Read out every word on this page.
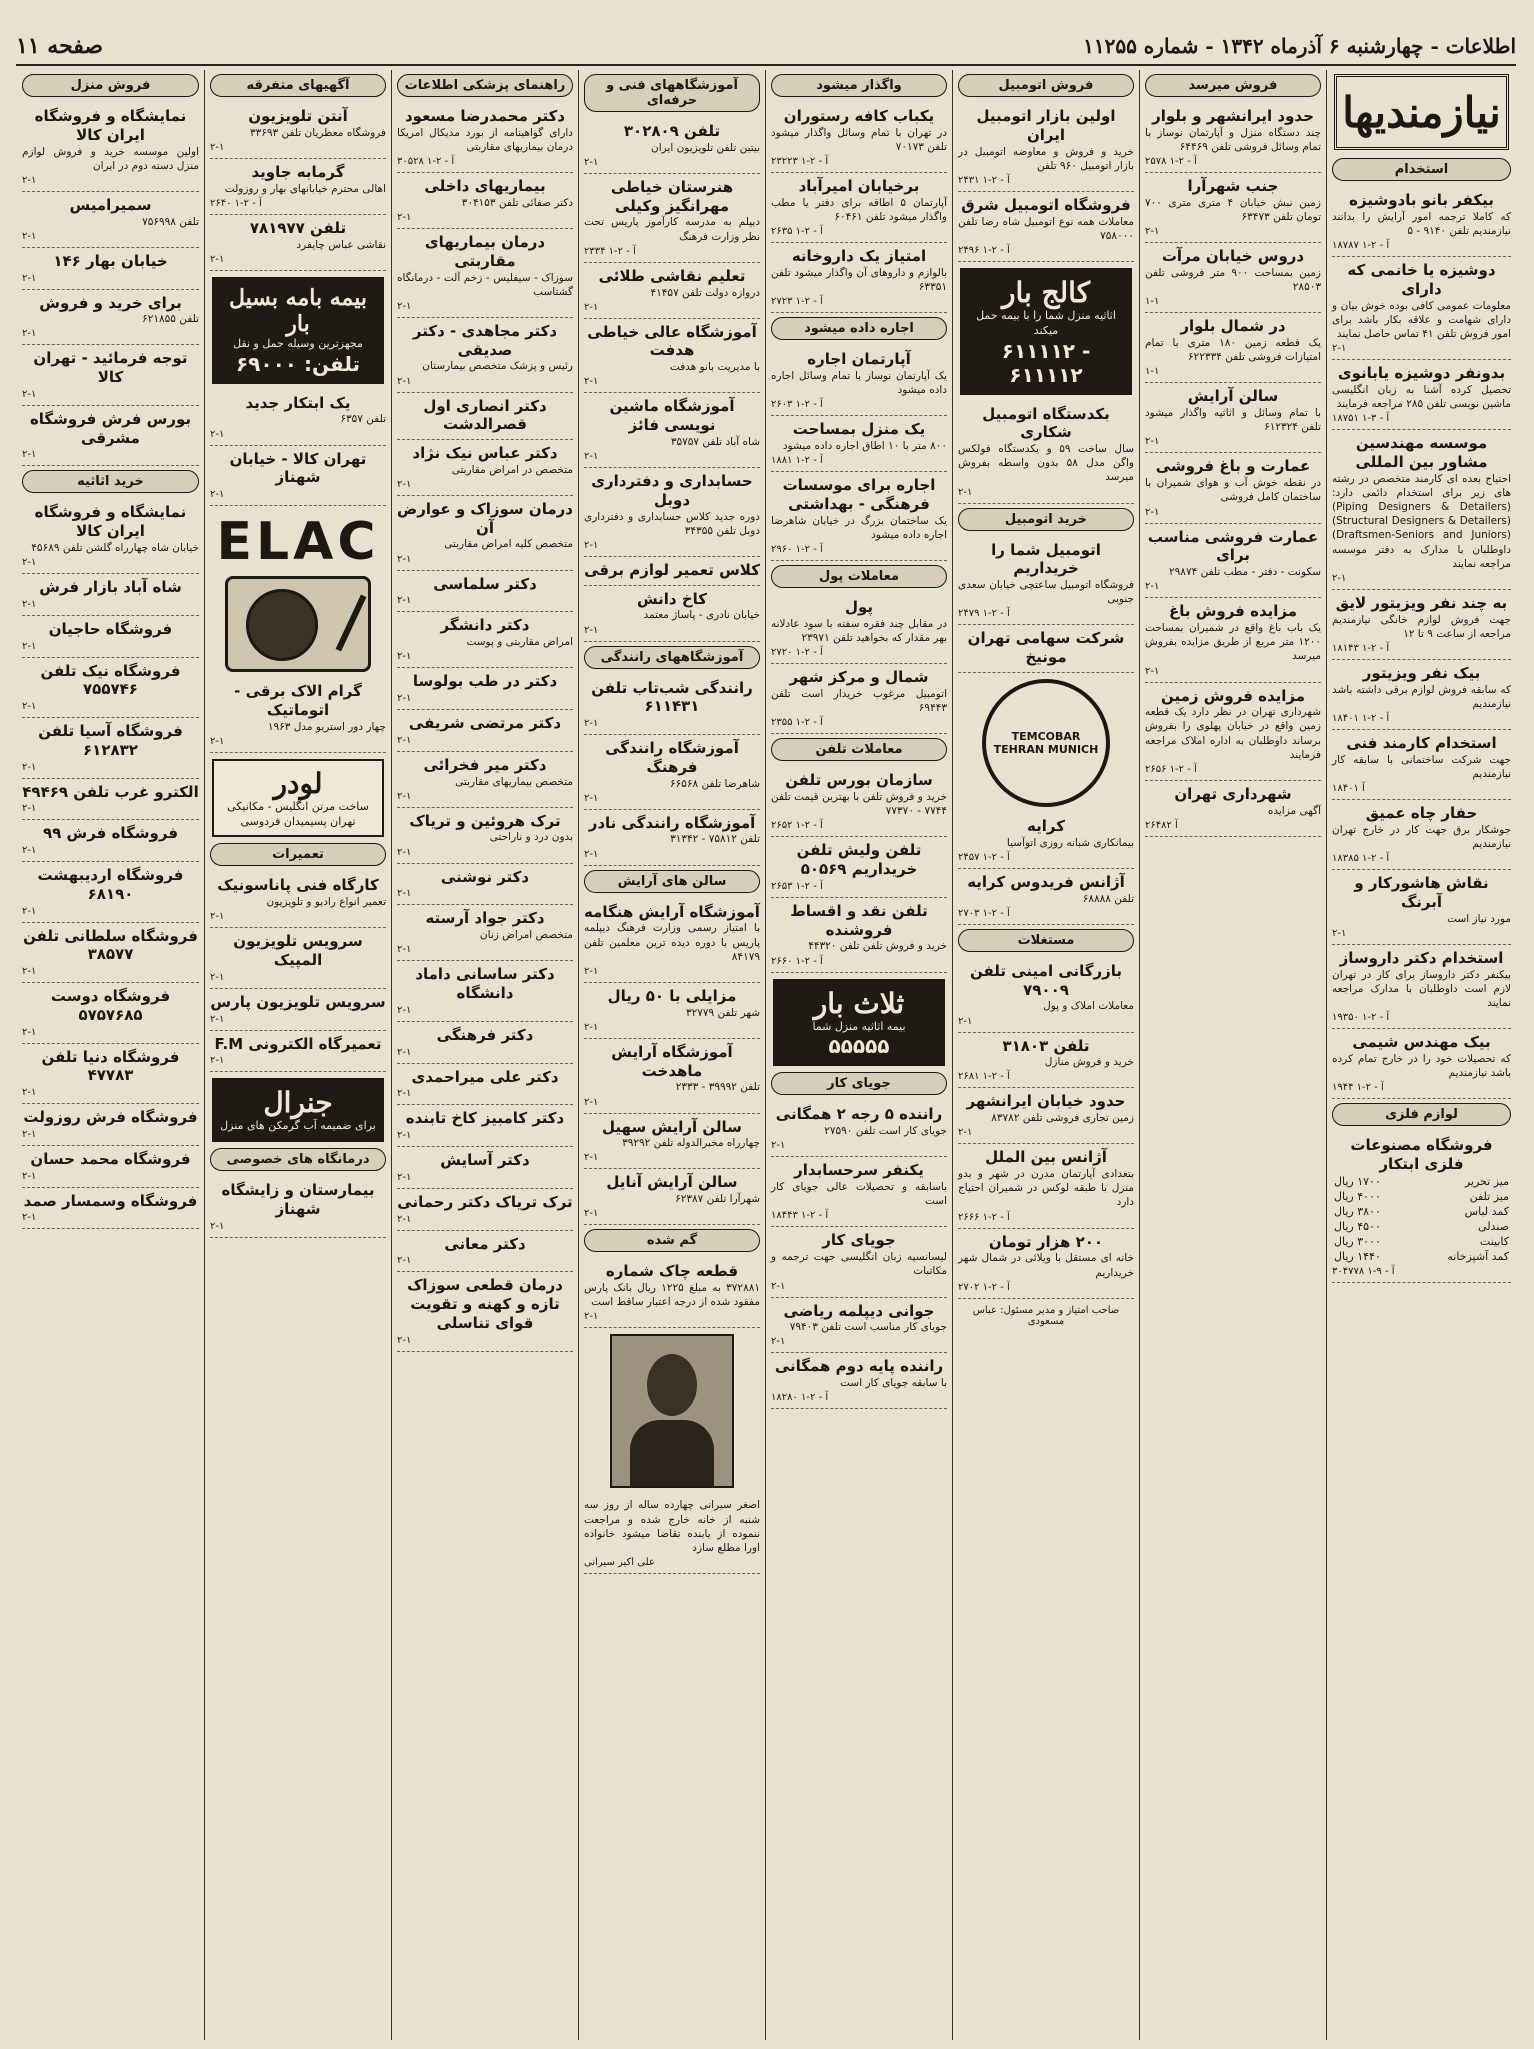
اطلاعات - چهارشنبه ۶ آذرماه ۱۳۴۲ - شماره ۱۱۲۵۵
صفحه ۱۱
نیازمندیها
استخدام
بیکفر بانو بادوشیزه
که کاملا ترجمه امور آرایش را بدانند نیازمندیم تلفن ۹۱۴۰ - ۵
۱۸۷۸۷ آ - ۲-۱
دوشیزه یا خانمی که دارای
معلومات عمومی کافی بوده خوش بیان و دارای شهامت و علاقه بکار باشد برای امور فروش تلفن ۴۱ تماس حاصل نمایند
۲-۱
بدونفر دوشیزه یابانوی
تحصیل کرده آشنا به زبان انگلیسی ماشین نویسی تلفن ۲۸۵ مراجعه فرمایند
۱۸۷۵۱ آ - ۳-۱
موسسه مهندسین مشاور بین المللی
احتیاج بعده ای کارمند متخصص در رشته های زیر برای استخدام دائمی دارد: (Piping Designers & Detailers) (Structural Designers & Detailers) (Draftsmen-Seniors and Juniors) داوطلبان با مدارک به دفتر موسسه مراجعه نمایند
۲-۱
به چند نفر ویزیتور لایق
جهت فروش لوازم خانگی نیازمندیم مراجعه از ساعت ۹ تا ۱۲
۱۸۱۴۳ آ - ۲-۱
بیک نفر ویزیتور
که سابقه فروش لوازم برقی داشته باشد نیازمندیم
۱۸۴۰۱ آ - ۲-۱
استخدام کارمند فنی
جهت شرکت ساختمانی با سابقه کار نیازمندیم
۱۸۴۰۱ آ
حفار چاه عمیق
جوشکار برق جهت کار در خارج تهران نیازمندیم
۱۸۳۸۵ آ - ۲-۱
نقاش هاشورکار و آبرنگ
مورد نیاز است
۲-۱
استخدام دکتر داروساز
بیکنفر دکتر داروساز برای کار در تهران لازم است داوطلبان با مدارک مراجعه نمایند
۱۹۳۵۰ آ - ۲-۱
بیک مهندس شیمی
که تحصیلات خود را در خارج تمام کرده باشد نیازمندیم
۱۹۴۴ آ - ۲-۱
لوازم فلزی
فروشگاه مصنوعات فلزی ابتکار
میز تحریر
۱۷۰۰ ریال
میز تلفن
۴۰۰۰ ریال
کمد لباس
۳۸۰۰ ریال
صندلی
۴۵۰۰ ریال
کابینت
۳۰۰۰ ریال
کمد آشپزخانه
۱۴۴۰ ریال
۳۰۴۷۷۸ آ - ۹-۱
فروش میرسد
حدود ایرانشهر و بلوار
چند دستگاه منزل و آپارتمان نوساز با تمام وسائل فروشی تلفن ۶۴۴۶۹
۲۵۷۸ آ - ۲-۱
جنب شهرآرا
زمین نبش خیابان ۴ متری متری ۷۰۰ تومان تلفن ۶۳۴۷۳
۲-۱
دروس خیابان مرآت
زمین بمساحت ۹۰۰ متر فروشی تلفن ۲۸۵۰۳
۱-۱
در شمال بلوار
یک قطعه زمین ۱۸۰ متری با تمام امتیازات فروشی تلفن ۶۲۲۳۳۴
۱-۱
سالن آرایش
با تمام وسائل و اثاثیه واگذار میشود تلفن ۶۱۲۳۲۴
۲-۱
عمارت و باغ فروشی
در نقطه خوش آب و هوای شمیران با ساختمان کامل فروشی
۲-۱
عمارت فروشی مناسب برای
سکونت - دفتر - مطب تلفن ۲۹۸۷۴
۲-۱
مزایده فروش باغ
یک باب باغ واقع در شمیران بمساحت ۱۲۰۰ متر مربع از طریق مزایده بفروش میرسد
۲-۱
مزایده فروش زمین
شهرداری تهران در نظر دارد یک قطعه زمین واقع در خیابان پهلوی را بفروش برساند داوطلبان به اداره املاک مراجعه فرمایند
۲۶۵۶ آ - ۲-۱
شهرداری تهران
آگهی مزایده
۲۶۴۸۲ آ
فروش اتومبیل
اولین بازار اتومبیل ایران
خرید و فروش و معاوضه اتومبیل در بازار اتومبیل ۹۶۰ تلفن
۲۴۳۱ آ - ۲-۱
فروشگاه اتومبیل شرق
معاملات همه نوع اتومبیل شاه رضا تلفن ۷۵۸۰۰۰
۲۴۹۶ آ - ۲-۱
کالج بار
اثاثیه منزل شما را با بیمه حمل میکند
۶۱۱۱۱۲ - ۶۱۱۱۱۲
بکدستگاه اتومبیل شکاری
سال ساخت ۵۹ و یکدستگاه فولکس واگن مدل ۵۸ بدون واسطه بفروش میرسد
۲-۱
خرید اتومبیل
اتومبیل شما را خریداریم
فروشگاه اتومبیل ساعتچی خیابان سعدی جنوبی
۲۴۷۹ آ - ۲-۱
شرکت سهامی تهران مونیخ
TEMCOBAR TEHRAN MUNICH
کرایه
بیمانکاری شبانه روزی اتوآسیا
۲۴۵۷ آ - ۲-۱
آژانس فریدوس کرایه
تلفن ۶۸۸۸۸
۲۷۰۳ آ - ۲-۱
مستغلات
بازرگانی امینی تلفن ۷۹۰۰۹
معاملات املاک و پول
۲-۱
تلفن ۳۱۸۰۳
خرید و فروش منازل
۲۶۸۱ آ - ۲-۱
حدود خیابان ایرانشهر
زمین تجاری فروشی تلفن ۸۳۷۸۲
۲-۱
آژانس بین الملل
بتعدادی آپارتمان مدرن در شهر و بدو منزل با طبقه لوکس در شمیران احتیاج دارد
۲۶۶۶ آ - ۲-۱
۲۰۰ هزار تومان
خانه ای مستقل با ویلائی در شمال شهر خریداریم
۲۷۰۲ آ - ۲-۱
صاحب امتیاز و مدیر مسئول: عباس مسعودی
واگذار میشود
یکباب کافه رستوران
در تهران با تمام وسائل واگذار میشود تلفن ۷۰۱۷۳
۲۳۲۲۳ آ - ۲-۱
برخیابان امیرآباد
آپارتمان ۵ اطاقه برای دفتر یا مطب واگذار میشود تلفن ۶۰۴۶۱
۲۶۳۵ آ - ۲-۱
امتیاز یک داروخانه
بالوازم و داروهای آن واگذار میشود تلفن ۶۳۳۵۱
۲۷۲۳ آ - ۲-۱
اجاره داده میشود
آپارتمان اجاره
یک آپارتمان نوساز با تمام وسائل اجاره داده میشود
۲۶۰۳ آ - ۲-۱
یک منزل بمساحت
۸۰۰ متر با ۱۰ اطاق اجاره داده میشود
۱۸۸۱ آ - ۲-۱
اجاره برای موسسات فرهنگی - بهداشتی
یک ساختمان بزرگ در خیابان شاهرضا اجاره داده میشود
۲۹۶۰ آ - ۲-۱
معاملات پول
پول
در مقابل چند فقره سفته با سود عادلانه بهر مقدار که بخواهید تلفن ۲۳۹۷۱
۲۷۲۰ آ - ۲-۱
شمال و مرکز شهر
اتومبیل مرغوب خریدار است تلفن ۶۹۴۴۳
۲۳۵۵ آ - ۲-۱
معاملات تلفن
سازمان بورس تلفن
خرید و فروش تلفن با بهترین قیمت تلفن ۷۷۴۴ - ۷۷۳۷۰
۲۶۵۲ آ - ۲-۱
تلفن ولیش تلفن خریداریم ۵۰۵۶۹
۲۶۵۳ آ - ۲-۱
تلفن نقد و اقساط فروشنده
خرید و فروش تلفن تلفن ۴۴۳۲۰
۲۶۶۰ آ - ۲-۱
ثلاث بار
بیمه اثاثیه منزل شما
۵۵۵۵۵
جویای کار
راننده ۵ رجه ۲ همگانی
جویای کار است تلفن ۲۷۵۹۰
۲-۱
یکنفر سرحسابدار
باسابقه و تحصیلات عالی جویای کار است
۱۸۴۴۳ آ - ۲-۱
جویای کار
لیسانسیه زبان انگلیسی جهت ترجمه و مکاتبات
۲-۱
جوانی دیپلمه ریاضی
جویای کار مناسب است تلفن ۷۹۴۰۳
۲-۱
راننده پایه دوم همگانی
با سابقه جویای کار است
۱۸۲۸۰ آ - ۲-۱
آموزشگاههای فنی و حرفه‌ای
تلفن ۳۰۲۸۰۹
بیتین تلفن تلویزیون ایران
۲-۱
هنرستان خیاطی مهرانگیز وکیلی
دیپلم به مدرسه کارآموز پاریس تحت نظر وزارت فرهنگ
۲۳۳۴ آ - ۲-۱
تعلیم نقاشی طلائی
دروازه دولت تلفن ۴۱۴۵۷
۲-۱
آموزشگاه عالی خیاطی هدفت
با مدیریت بانو هدفت
۲-۱
آموزشگاه ماشین نویسی فائز
شاه آباد تلفن ۳۵۷۵۷
۲-۱
حسابداری و دفترداری دوبل
دوره جدید کلاس حسابداری و دفترداری دوبل تلفن ۳۴۳۵۵
۲-۱
کلاس تعمیر لوازم برقی
کاخ دانش
خیابان نادری - پاساژ معتمد
۲-۱
آموزشگاههای رانندگی
رانندگی شب‌تاب تلفن ۶۱۱۴۳۱
۲-۱
آموزشگاه رانندگی فرهنگ
شاهرضا تلفن ۶۶۵۶۸
۲-۱
آموزشگاه رانندگی نادر
تلفن ۷۵۸۱۲ - ۳۱۳۴۲
۲-۱
سالن های آرایش
آموزشگاه آرایش هنگامه
با امتیاز رسمی وزارت فرهنگ دیپلمه پاریس با دوره دیده ترین معلمین تلفن ۸۴۱۷۹
۲-۱
مزایلی با ۵۰ ریال
شهر تلفن ۳۲۷۷۹
۲-۱
آموزشگاه آرایش ماهدخت
تلفن ۳۹۹۹۲ - ۲۳۳۳
۲-۱
سالن آرایش سهیل
چهارراه مخبرالدوله تلفن ۳۹۲۹۲
۲-۱
سالن آرایش آنایل
شهرآرا تلفن ۶۲۳۸۷
۲-۱
گم شده
قطعه چاک شماره
۳۷۲۸۸۱ به مبلغ ۱۲۲۵ ریال بانک پارس مفقود شده از درجه اعتبار ساقط است
۲-۱
اصغر سیرانی چهارده ساله از روز سه شنبه از خانه خارج شده و مراجعت ننموده از یابنده تقاضا میشود خانواده اورا مطلع سازد
علی اکبر سیرانی
راهنمای پزشکی اطلاعات
دکتر محمدرضا مسعود
دارای گواهینامه از بورد مدیکال امریکا درمان بیماریهای مقاربتی
۳۰۵۲۸ آ - ۲-۱
بیماریهای داخلی
دکتر صفائی تلفن ۳۰۴۱۵۳
۲-۱
درمان بیماریهای مقاربتی
سوزاک - سیفلیس - زخم آلت - درمانگاه گشتاسب
۲-۱
دکتر مجاهدی - دکتر صدیقی
رئیس و پزشک متخصص بیمارستان
۲-۱
دکتر انصاری اول قصرالدشت
دکتر عباس نیک نژاد
متخصص در امراض مقاربتی
۲-۱
درمان سوزاک و عوارض آن
متخصص کلیه امراض مقاربتی
۲-۱
دکتر سلماسی
۲-۱
دکتر دانشگر
امراض مقاربتی و پوست
۲-۱
دکتر در طب بولوسا
۲-۱
دکتر مرتضی شریفی
۲-۱
دکتر میر فخرائی
متخصص بیماریهای مقاربتی
۲-۱
ترک هروئین و تریاک
بدون درد و ناراحتی
۲-۱
دکتر نوشنی
۲-۱
دکتر جواد آرسته
متخصص امراض زنان
۲-۱
دکتر ساسانی داماد دانشگاه
۲-۱
دکتر فرهنگی
۲-۱
دکتر علی میراحمدی
۲-۱
دکتر کامبیز کاخ تابنده
۲-۱
دکتر آسایش
۲-۱
ترک تریاک دکتر رحمانی
۲-۱
دکتر معانی
۲-۱
درمان قطعی سوزاک تازه و کهنه و تقویت قوای تناسلی
۲-۱
آگهیهای متفرقه
آنتن تلویزیون
فروشگاه معطریان تلفن ۳۳۶۹۳
۲-۱
گرمابه جاوید
اهالی محترم خیابانهای بهار و روزولت
۲۶۴۰ آ - ۲-۱
تلفن ۷۸۱۹۷۷
نقاشی عباس چایفرد
۲-۱
بیمه بامه بسیل بار
مجهزترین وسیله حمل و نقل
تلفن: ۶۹۰۰۰
یک ابتکار جدید
تلفن ۶۳۵۷
۲-۱
تهران کالا - خیابان شهناز
۲-۱
ELAC
گرام الاک برقی - اتوماتیک
چهار دور استریو مدل ۱۹۶۳
۲-۱
لودر
ساخت مرتن انگلیس - مکانیکی تهران پسیمیدان فردوسی
تعمیرات
کارگاه فنی پاناسونیک
تعمیر انواع رادیو و تلویزیون
۲-۱
سرویس تلویزیون المپیک
۲-۱
سرویس تلویزیون پارس
۲-۱
تعمیرگاه الکترونی F.M
۲-۱
جنرال
برای ضمیمه آب گرمکن های منزل
درمانگاه های خصوصی
بیمارستان و زایشگاه شهناز
۲-۱
فروش منزل
نمایشگاه و فروشگاه ایران کالا
اولین موسسه خرید و فروش لوازم منزل دسته دوم در ایران
۲-۱
سمیرامیس
تلفن ۷۵۶۹۹۸
۲-۱
خیابان بهار ۱۴۶
۲-۱
برای خرید و فروش
تلفن ۶۲۱۸۵۵
۲-۱
توجه فرمائید - تهران کالا
۲-۱
بورس فرش فروشگاه مشرقی
۲-۱
خرید اثاثیه
نمایشگاه و فروشگاه ایران کالا
خیابان شاه چهارراه گلشن تلفن ۴۵۶۸۹
۲-۱
شاه آباد بازار فرش
۲-۱
فروشگاه حاجیان
۲-۱
فروشگاه نیک تلفن ۷۵۵۷۴۶
۲-۱
فروشگاه آسیا تلفن ۶۱۲۸۳۲
۲-۱
الکترو غرب تلفن ۴۹۴۶۹
۲-۱
فروشگاه فرش ۹۹
۲-۱
فروشگاه اردیبهشت ۶۸۱۹۰
۲-۱
فروشگاه سلطانی تلفن ۳۸۵۷۷
۲-۱
فروشگاه دوست ۵۷۵۷۶۸۵
۲-۱
فروشگاه دنیا تلفن ۴۷۷۸۳
۲-۱
فروشگاه فرش روزولت
۲-۱
فروشگاه محمد حسان
۲-۱
فروشگاه وسمسار صمد
۲-۱
